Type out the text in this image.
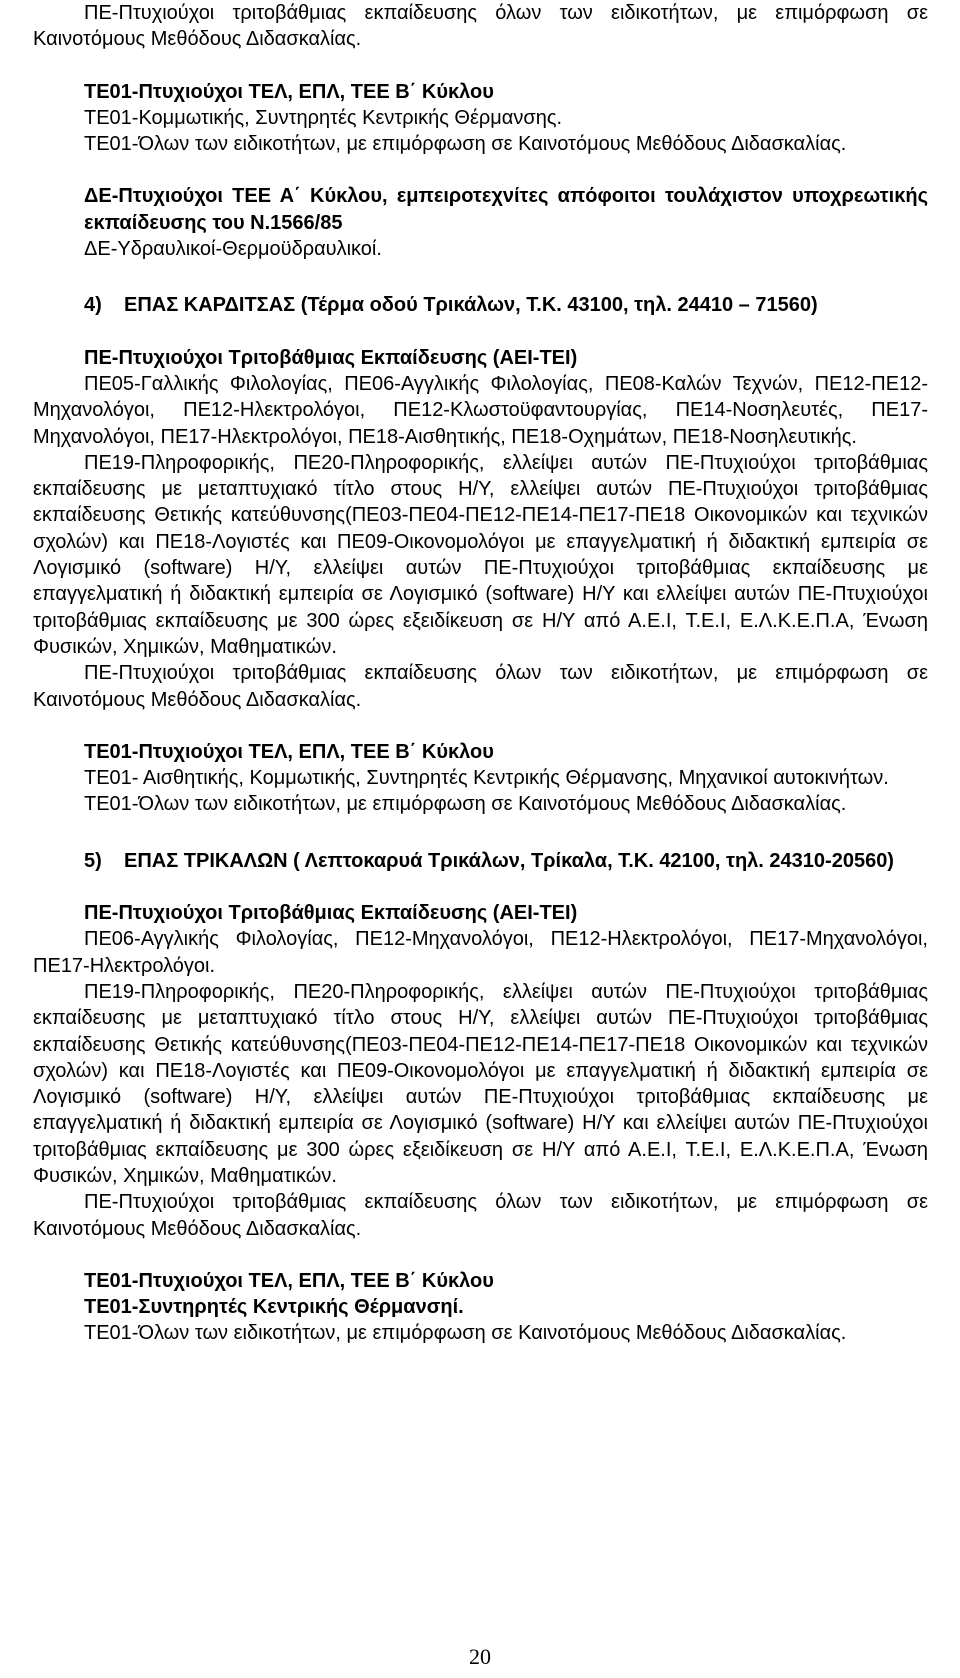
ΠΕ-Πτυχιούχοι τριτοβάθμιας εκπαίδευσης όλων των ειδικοτήτων, με επιμόρφωση σε Καινοτόμους Μεθόδους Διδασκαλίας.

ΤΕ01-Πτυχιούχοι ΤΕΛ, ΕΠΛ, ΤΕΕ Β΄ Κύκλου

ΤΕ01-Κομμωτικής, Συντηρητές Κεντρικής Θέρμανσης.

ΤΕ01-Όλων των ειδικοτήτων, με επιμόρφωση σε Καινοτόμους Μεθόδους Διδασκαλίας.

ΔΕ-Πτυχιούχοι ΤΕΕ Α΄ Κύκλου, εμπειροτεχνίτες απόφοιτοι τουλάχιστον υποχρεωτικής εκπαίδευσης του Ν.1566/85
ΔΕ-Υδραυλικοί-Θερμοϋδραυλικοί.
4)    ΕΠΑΣ ΚΑΡΔΙΤΣΑΣ (Τέρμα οδού Τρικάλων, Τ.Κ. 43100, τηλ. 24410 – 71560)
ΠΕ-Πτυχιούχοι Τριτοβάθμιας Εκπαίδευσης (ΑΕΙ-ΤΕΙ)

ΠΕ05-Γαλλικής Φιλολογίας, ΠΕ06-Αγγλικής Φιλολογίας, ΠΕ08-Καλών Τεχνών, ΠΕ12-ΠΕ12-Μηχανολόγοι, ΠΕ12-Ηλεκτρολόγοι, ΠΕ12-Κλωστοϋφαντουργίας, ΠΕ14-Νοσηλευτές, ΠΕ17-Μηχανολόγοι, ΠΕ17-Ηλεκτρολόγοι, ΠΕ18-Αισθητικής, ΠΕ18-Οχημάτων, ΠΕ18-Νοσηλευτικής.

ΠΕ19-Πληροφορικής, ΠΕ20-Πληροφορικής, ελλείψει αυτών ΠΕ-Πτυχιούχοι τριτοβάθμιας εκπαίδευσης με μεταπτυχιακό τίτλο στους Η/Υ, ελλείψει αυτών ΠΕ-Πτυχιούχοι τριτοβάθμιας εκπαίδευσης Θετικής κατεύθυνσης(ΠΕ03-ΠΕ04-ΠΕ12-ΠΕ14-ΠΕ17-ΠΕ18 Οικονομικών και τεχνικών σχολών) και ΠΕ18-Λογιστές και ΠΕ09-Οικονομολόγοι με επαγγελματική ή διδακτική εμπειρία σε Λογισμικό (software) Η/Υ, ελλείψει αυτών ΠΕ-Πτυχιούχοι τριτοβάθμιας εκπαίδευσης με επαγγελματική ή διδακτική εμπειρία σε Λογισμικό (software) Η/Υ και ελλείψει αυτών ΠΕ-Πτυχιούχοι τριτοβάθμιας εκπαίδευσης με 300 ώρες εξειδίκευση σε Η/Υ από Α.Ε.Ι, Τ.Ε.Ι, Ε.Λ.Κ.Ε.Π.Α, Ένωση Φυσικών, Χημικών, Μαθηματικών.

ΠΕ-Πτυχιούχοι τριτοβάθμιας εκπαίδευσης όλων των ειδικοτήτων, με επιμόρφωση σε Καινοτόμους Μεθόδους Διδασκαλίας.

ΤΕ01-Πτυχιούχοι ΤΕΛ, ΕΠΛ, ΤΕΕ Β΄ Κύκλου

ΤΕ01- Αισθητικής, Κομμωτικής, Συντηρητές Κεντρικής Θέρμανσης, Μηχανικοί αυτοκινήτων.

ΤΕ01-Όλων των ειδικοτήτων, με επιμόρφωση σε Καινοτόμους Μεθόδους Διδασκαλίας.

5)    ΕΠΑΣ ΤΡΙΚΑΛΩΝ ( Λεπτοκαρυά Τρικάλων, Τρίκαλα, Τ.Κ. 42100, τηλ. 24310-20560)
ΠΕ-Πτυχιούχοι Τριτοβάθμιας Εκπαίδευσης (ΑΕΙ-ΤΕΙ)

ΠΕ06-Αγγλικής Φιλολογίας, ΠΕ12-Μηχανολόγοι, ΠΕ12-Ηλεκτρολόγοι, ΠΕ17-Μηχανολόγοι, ΠΕ17-Ηλεκτρολόγοι.

ΠΕ19-Πληροφορικής, ΠΕ20-Πληροφορικής, ελλείψει αυτών ΠΕ-Πτυχιούχοι τριτοβάθμιας εκπαίδευσης με μεταπτυχιακό τίτλο στους Η/Υ, ελλείψει αυτών ΠΕ-Πτυχιούχοι τριτοβάθμιας εκπαίδευσης Θετικής κατεύθυνσης(ΠΕ03-ΠΕ04-ΠΕ12-ΠΕ14-ΠΕ17-ΠΕ18 Οικονομικών και τεχνικών σχολών) και ΠΕ18-Λογιστές και ΠΕ09-Οικονομολόγοι με επαγγελματική ή διδακτική εμπειρία σε Λογισμικό (software) Η/Υ, ελλείψει αυτών ΠΕ-Πτυχιούχοι τριτοβάθμιας εκπαίδευσης με επαγγελματική ή διδακτική εμπειρία σε Λογισμικό (software) Η/Υ και ελλείψει αυτών ΠΕ-Πτυχιούχοι τριτοβάθμιας εκπαίδευσης με 300 ώρες εξειδίκευση σε Η/Υ από Α.Ε.Ι, Τ.Ε.Ι, Ε.Λ.Κ.Ε.Π.Α, Ένωση Φυσικών, Χημικών, Μαθηματικών.

ΠΕ-Πτυχιούχοι τριτοβάθμιας εκπαίδευσης όλων των ειδικοτήτων, με επιμόρφωση σε Καινοτόμους Μεθόδους Διδασκαλίας.

ΤΕ01-Πτυχιούχοι ΤΕΛ, ΕΠΛ, ΤΕΕ Β΄ Κύκλου
ΤΕ01-Συντηρητές Κεντρικής Θέρμανσηί.

ΤΕ01-Όλων των ειδικοτήτων, με επιμόρφωση σε Καινοτόμους Μεθόδους Διδασκαλίας.

20
